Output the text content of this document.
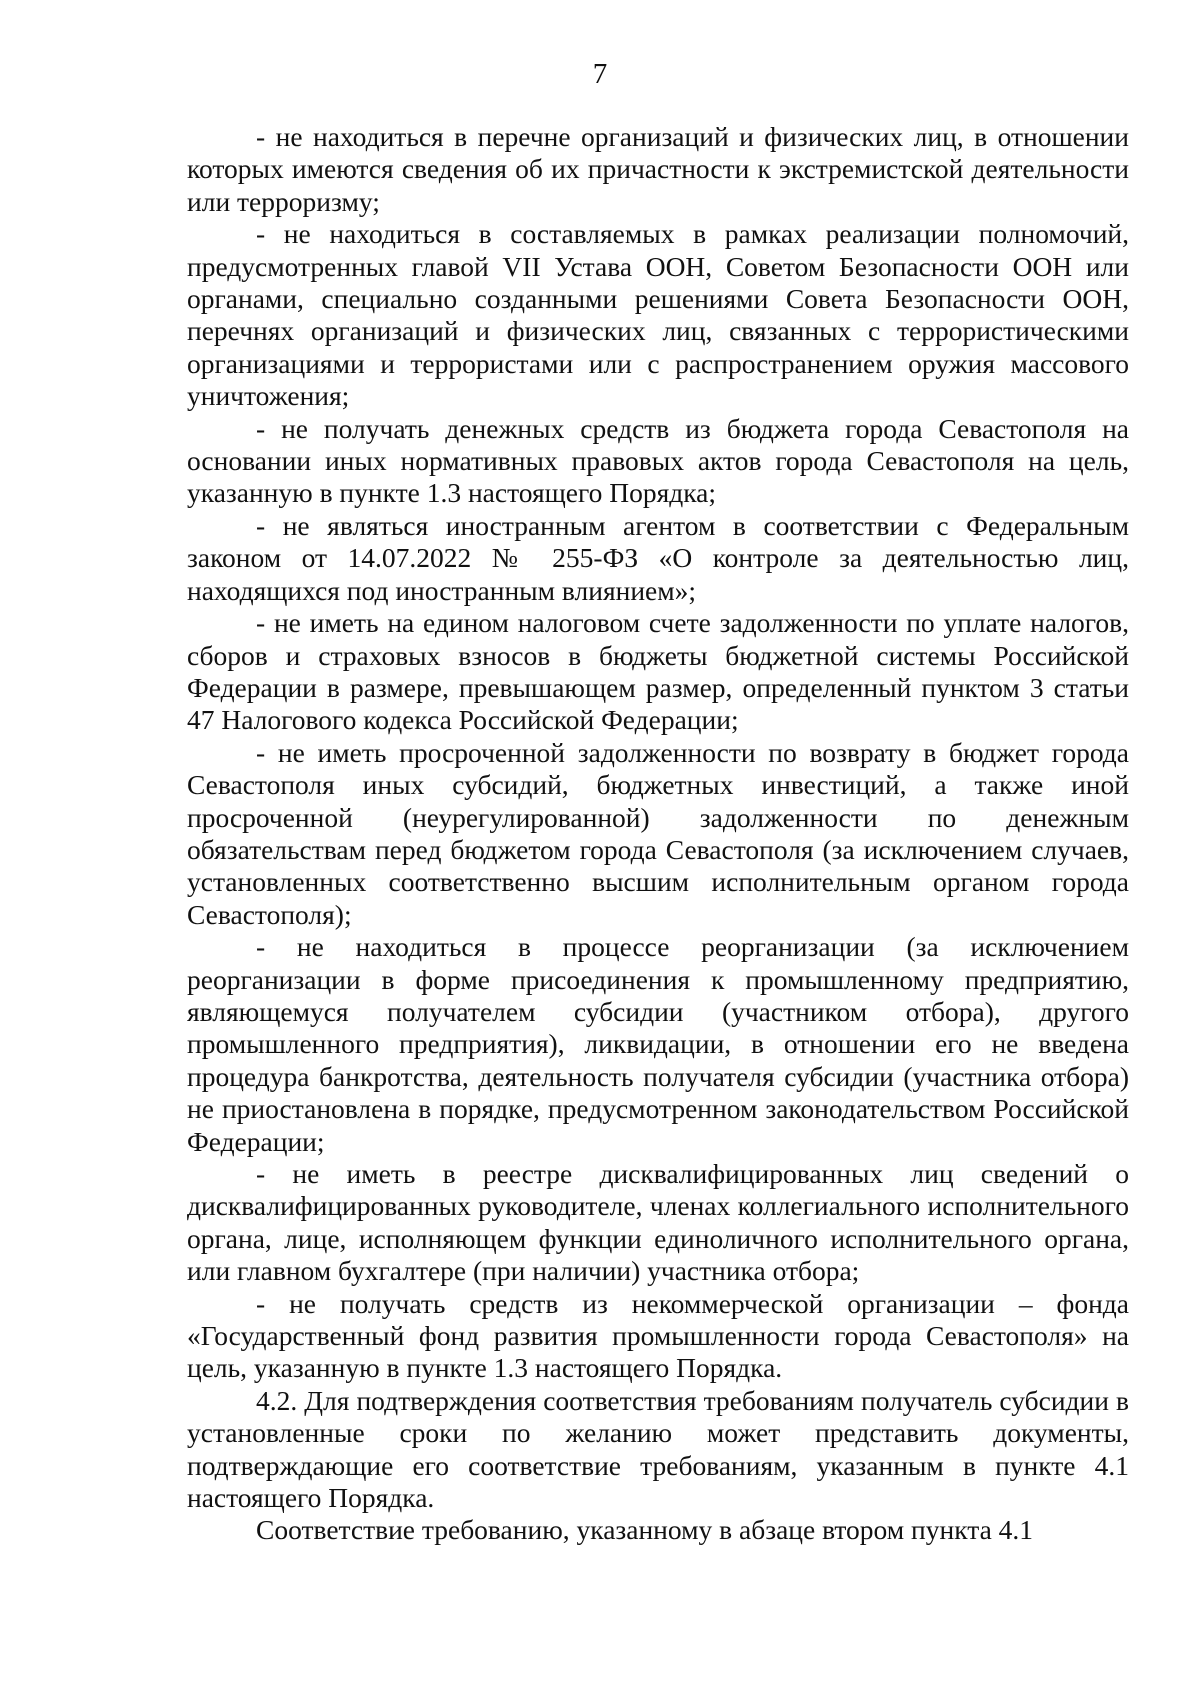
7

- не находиться в перечне организаций и физических лиц, в отношении которых имеются сведения об их причастности к экстремистской деятельности или терроризму;

- не находиться в составляемых в рамках реализации полномочий, предусмотренных главой VII Устава ООН, Советом Безопасности ООН или органами, специально созданными решениями Совета Безопасности ООН, перечнях организаций и физических лиц, связанных с террористическими организациями и террористами или с распространением оружия массового уничтожения;

- не получать денежных средств из бюджета города Севастополя на основании иных нормативных правовых актов города Севастополя на цель, указанную в пункте 1.3 настоящего Порядка;

- не являться иностранным агентом в соответствии с Федеральным законом от 14.07.2022 № 255-ФЗ «О контроле за деятельностью лиц, находящихся под иностранным влиянием»;

- не иметь на едином налоговом счете задолженности по уплате налогов, сборов и страховых взносов в бюджеты бюджетной системы Российской Федерации в размере, превышающем размер, определенный пунктом 3 статьи 47 Налогового кодекса Российской Федерации;

- не иметь просроченной задолженности по возврату в бюджет города Севастополя иных субсидий, бюджетных инвестиций, а также иной просроченной (неурегулированной) задолженности по денежным обязательствам перед бюджетом города Севастополя (за исключением случаев, установленных соответственно высшим исполнительным органом города Севастополя);

- не находиться в процессе реорганизации (за исключением реорганизации в форме присоединения к промышленному предприятию, являющемуся получателем субсидии (участником отбора), другого промышленного предприятия), ликвидации, в отношении его не введена процедура банкротства, деятельность получателя субсидии (участника отбора) не приостановлена в порядке, предусмотренном законодательством Российской Федерации;

- не иметь в реестре дисквалифицированных лиц сведений о дисквалифицированных руководителе, членах коллегиального исполнительного органа, лице, исполняющем функции единоличного исполнительного органа, или главном бухгалтере (при наличии) участника отбора;

- не получать средств из некоммерческой организации – фонда «Государственный фонд развития промышленности города Севастополя» на цель, указанную в пункте 1.3 настоящего Порядка.

4.2. Для подтверждения соответствия требованиям получатель субсидии в установленные сроки по желанию может представить документы, подтверждающие его соответствие требованиям, указанным в пункте 4.1 настоящего Порядка.

Соответствие требованию, указанному в абзаце втором пункта 4.1
